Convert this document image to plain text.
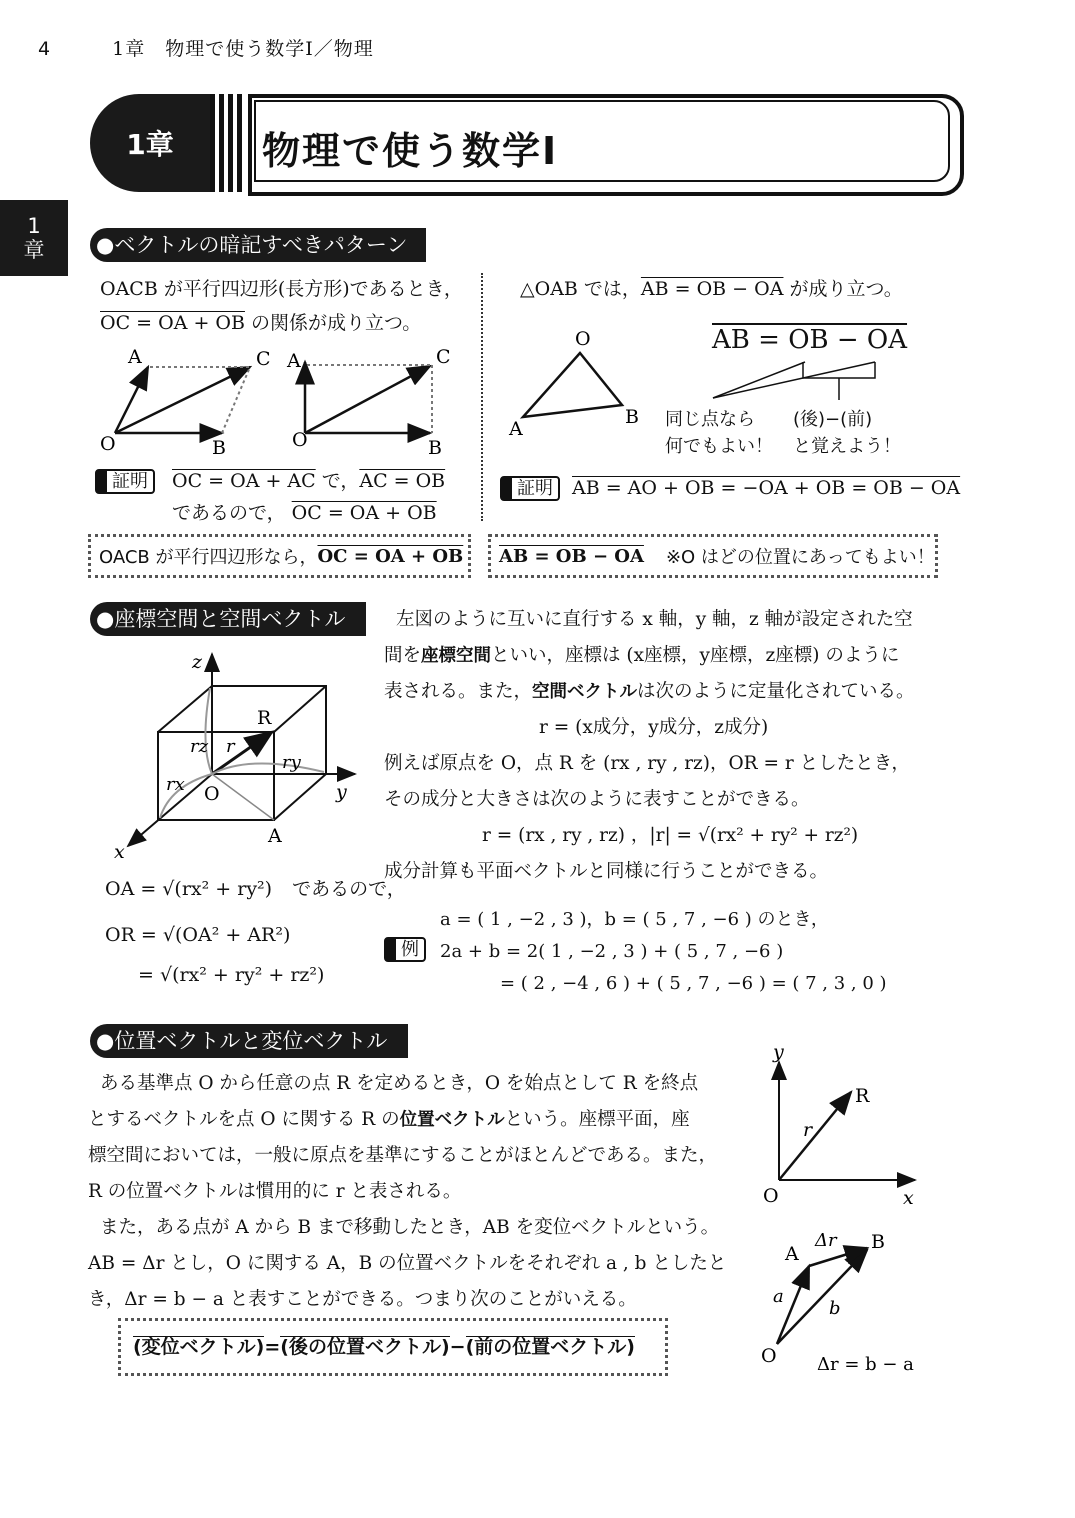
4	1章　物理で使う数学Ⅰ／物理
1
章
1章	物理で使う数学Ⅰ
●ベクトルの暗記すべきパターン
OACB が平行四辺形(長方形)であるとき，
OC = OA + OB の関係が成り立つ。
A	C
O	B
A	C
O	B
証明	OC = OA + AC で，AC = OB
であるので， OC = OA + OB
△OAB では，AB = OB − OA が成り立つ。
AB = OB − OA
O
A
B 同じ点なら
何でもよい！
(後)−(前)
と覚えよう！
証明	AB = AO + OB = −OA + OB = OB − OA
OACB が平行四辺形なら， OC = OA + OB AB = OB − OA ※O はどの位置にあってもよい！
●座標空間と空間ベクトル
z
y
x
R
O
A
rz r
ry
rx
OA = √(rx² + ry²) であるので，
OR = √(OA² + AR²)
= √(rx² + ry² + rz²)
左図のように互いに直行する x 軸，y 軸，z 軸が設定された空
間を座標空間といい，座標は (x座標，y座標，z座標) のように
表される。また，空間ベクトルは次のように定量化されている。
r = (x成分，y成分，z成分)
例えば原点を O，点 R を (rx , ry , rz)，OR = r としたとき，
その成分と大きさは次のように表すことができる。
r = (rx , ry , rz) ，|r| = √(rx² + ry² + rz²)
成分計算も平面ベクトルと同様に行うことができる。
例
a = ( 1 , −2 , 3 )，b = ( 5 , 7 , −6 ) のとき，
2a + b = 2( 1 , −2 , 3 ) + ( 5 , 7 , −6 )
= ( 2 , −4 , 6 ) + ( 5 , 7 , −6 ) = ( 7 , 3 , 0 )
●位置ベクトルと変位ベクトル
ある基準点 O から任意の点 R を定めるとき，O を始点として R を終点
とするベクトルを点 O に関する R の位置ベクトルという。座標平面，座
標空間においては，一般に原点を基準にすることがほとんどである。また，
R の位置ベクトルは慣用的に r と表される。
また，ある点が A から B まで移動したとき，AB を変位ベクトルという。
AB = Δr とし，O に関する A，B の位置ベクトルをそれぞれ a , b としたと
き，Δr = b − a と表すことができる。つまり次のことがいえる。
(変位ベクトル) = (後の位置ベクトル) − (前の位置ベクトル)
y
x
O
R
r
A
B
O
Δr
a
b
Δr = b − a
